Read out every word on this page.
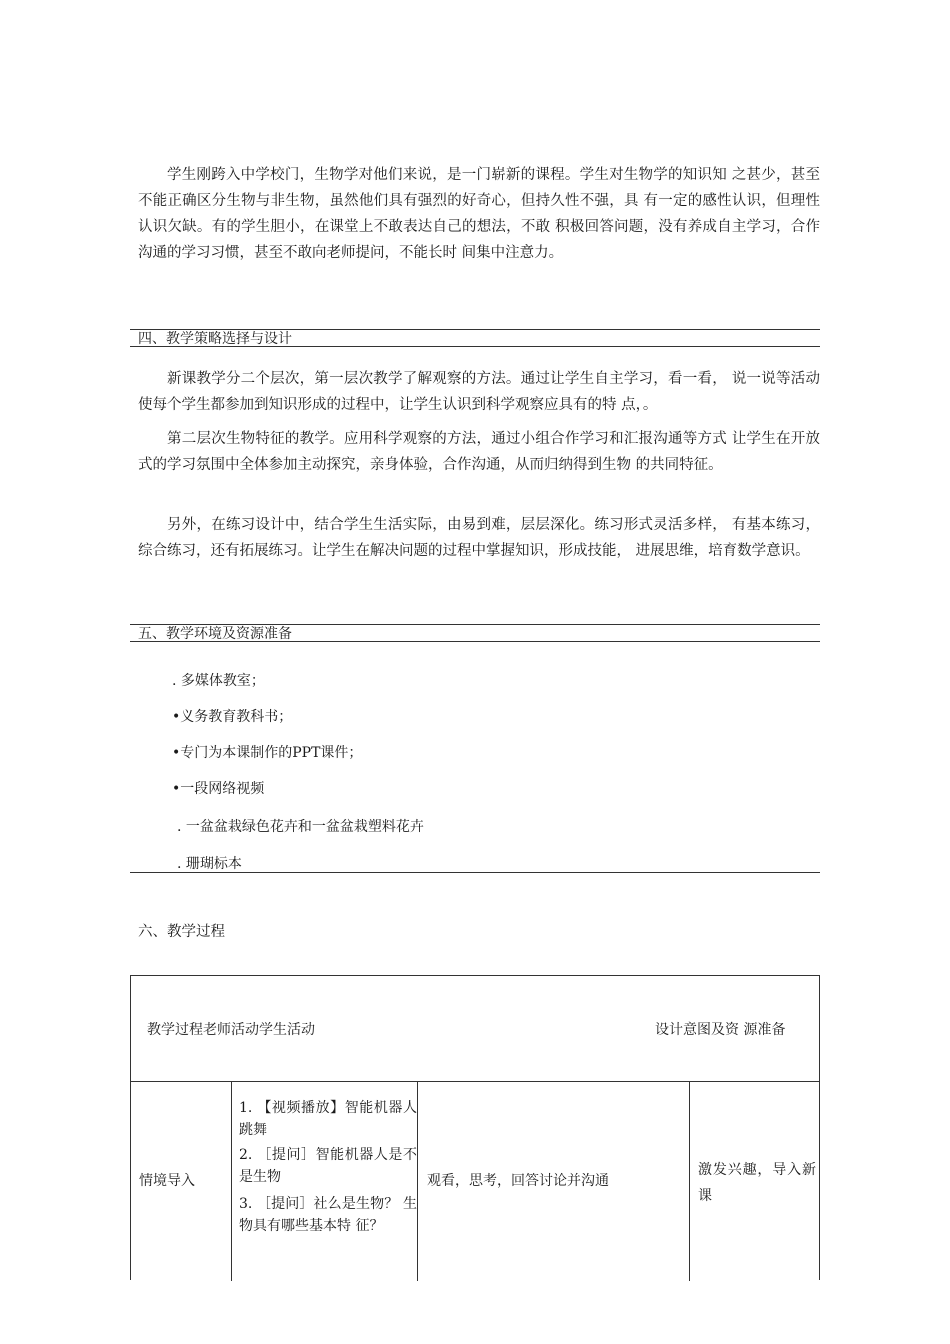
学生刚跨入中学校门，生物学对他们来说，是一门崭新的课程。学生对生物学的知识知 之甚少，甚至不能正确区分生物与非生物，虽然他们具有强烈的好奇心，但持久性不强，具 有一定的感性认识，但理性认识欠缺。有的学生胆小，在课堂上不敢表达自己的想法，不敢 积极回答问题，没有养成自主学习，合作沟通的学习习惯，甚至不敢向老师提问，不能长时 间集中注意力。

四、教学策略选择与设计

新课教学分二个层次，第一层次教学了解观察的方法。通过让学生自主学习，看一看， 说一说等活动使每个学生都参加到知识形成的过程中，让学生认识到科学观察应具有的特 点，。

第二层次生物特征的教学。应用科学观察的方法，通过小组合作学习和汇报沟通等方式 让学生在开放式的学习氛围中全体参加主动探究，亲身体验，合作沟通，从而归纳得到生物 的共同特征。

另外，在练习设计中，结合学生生活实际，由易到难，层层深化。练习形式灵活多样， 有基本练习，综合练习，还有拓展练习。让学生在解决问题的过程中掌握知识，形成技能， 进展思维，培育数学意识。

五、教学环境及资源准备
. 多媒体教室；
•义务教育教科书；
•专门为本课制作的PPT课件；
•一段网络视频
. 一盆盆栽绿色花卉和一盆盆栽塑料花卉
. 珊瑚标本
六、教学过程
教学过程老师活动学生活动	设计意图及资 源准备
情境导入
1. 【视频播放】智能机器人跳舞
2. ［提问］智能机器人是不是生物
3. ［提问］社么是生物？ 生物具有哪些基本特 征？
观看，思考，回答讨论并沟通
激发兴趣，导入新课
